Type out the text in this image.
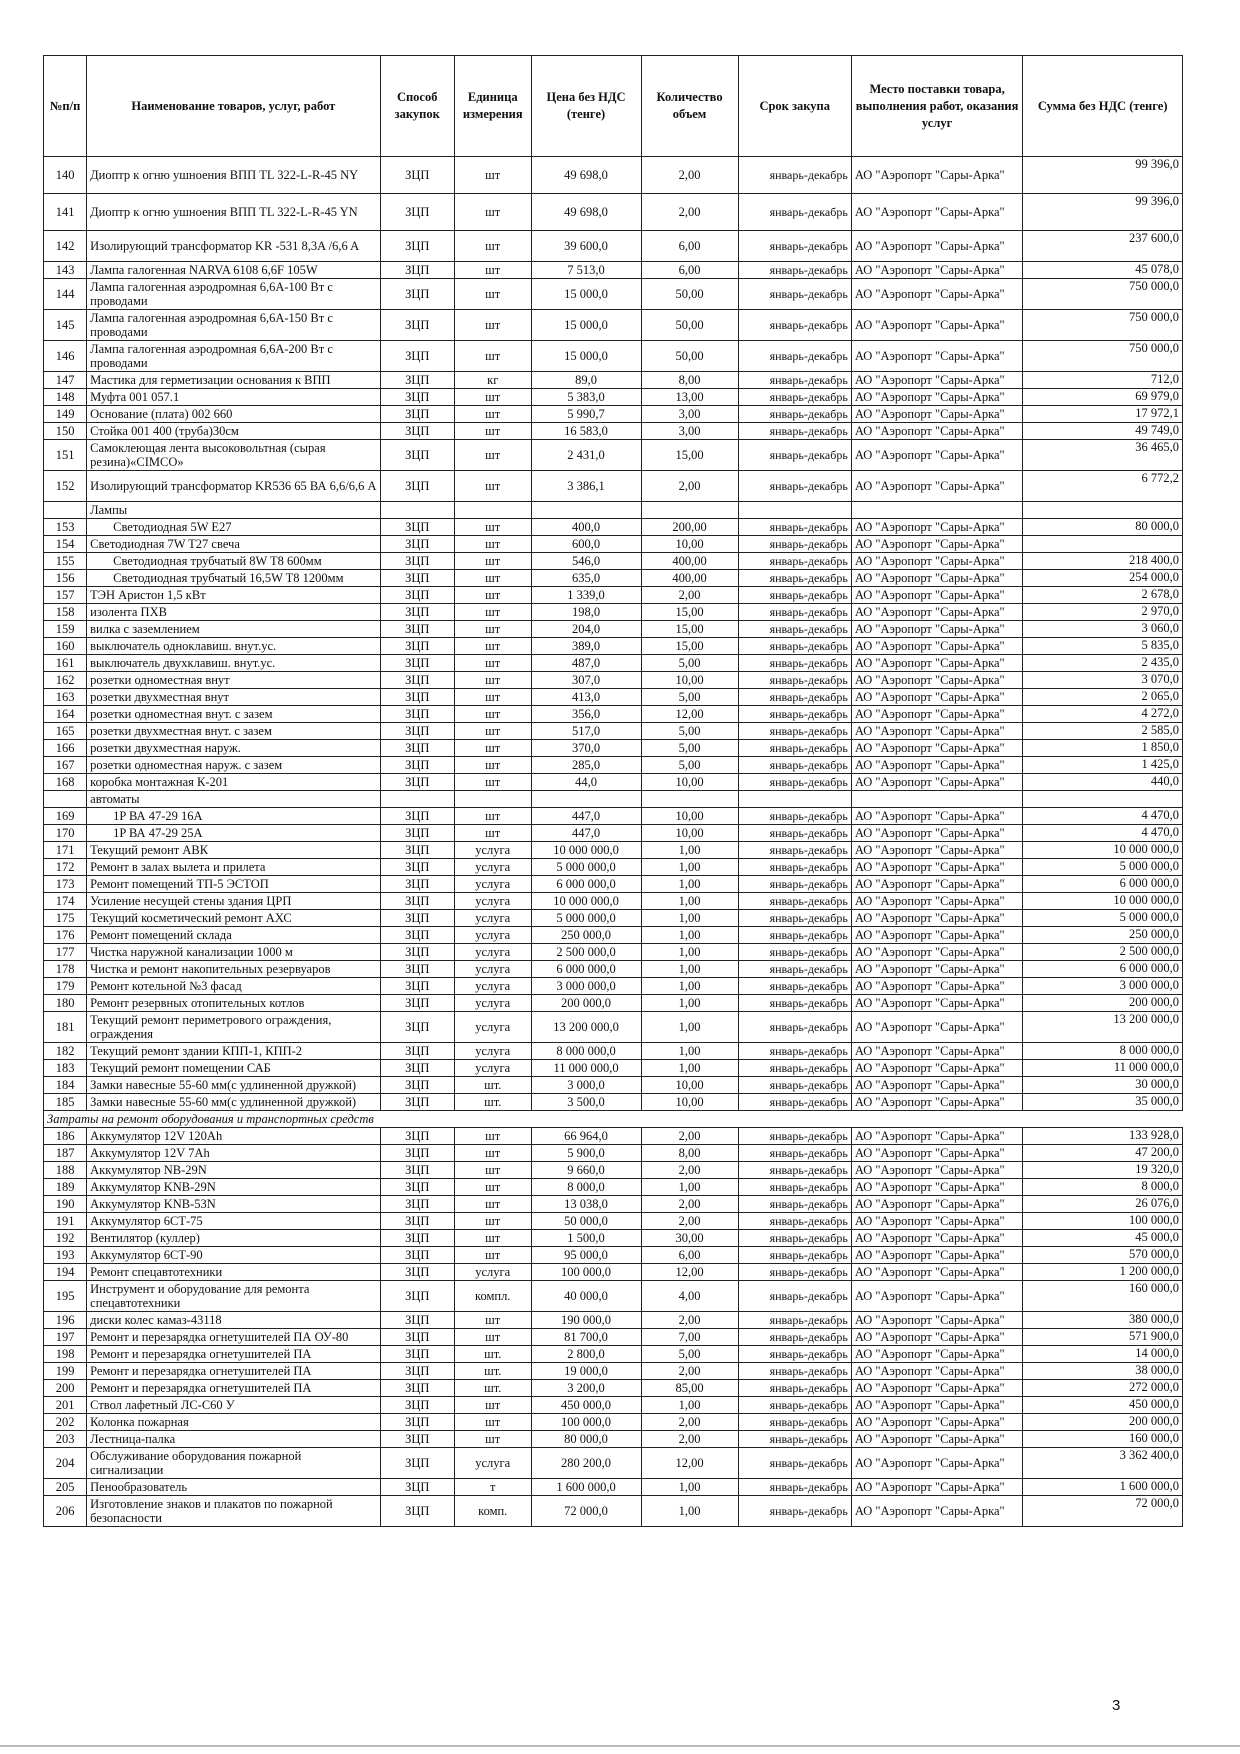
№п/п	Наименование товаров, услуг, работ	Способ закупок	Единица измерения	Цена без НДС (тенге)	Количество объем	Срок закупа	Место поставки товара, выполнения работ, оказания услуг	Сумма без НДС (тенге)
140	Диоптр к огню ушноения ВПП TL 322-L-R-45 NY	ЗЦП	шт	49 698,0	2,00	январь-декабрь	АО "Аэропорт "Сары-Арка"	99 396,0
141	Диоптр к огню ушноения ВПП TL 322-L-R-45 YN	ЗЦП	шт	49 698,0	2,00	январь-декабрь	АО "Аэропорт "Сары-Арка"	99 396,0
142	Изолирующий трансформатор KR -531 8,3A /6,6 A	ЗЦП	шт	39 600,0	6,00	январь-декабрь	АО "Аэропорт "Сары-Арка"	237 600,0
143	Лампа галогенная NARVA 6108 6,6F 105W	ЗЦП	шт	7 513,0	6,00	январь-декабрь	АО "Аэропорт "Сары-Арка"	45 078,0
144	Лампа галогенная аэродромная 6,6А-100 Вт с проводами	ЗЦП	шт	15 000,0	50,00	январь-декабрь	АО "Аэропорт "Сары-Арка"	750 000,0
145	Лампа галогенная аэродромная 6,6А-150 Вт с проводами	ЗЦП	шт	15 000,0	50,00	январь-декабрь	АО "Аэропорт "Сары-Арка"	750 000,0
146	Лампа галогенная аэродромная 6,6А-200 Вт с проводами	ЗЦП	шт	15 000,0	50,00	январь-декабрь	АО "Аэропорт "Сары-Арка"	750 000,0
147	Мастика для герметизации основания к ВПП	ЗЦП	кг	89,0	8,00	январь-декабрь	АО "Аэропорт "Сары-Арка"	712,0
148	Муфта 001 057.1	ЗЦП	шт	5 383,0	13,00	январь-декабрь	АО "Аэропорт "Сары-Арка"	69 979,0
149	Основание (плата) 002 660	ЗЦП	шт	5 990,7	3,00	январь-декабрь	АО "Аэропорт "Сары-Арка"	17 972,1
150	Стойка 001 400 (труба)30см	ЗЦП	шт	16 583,0	3,00	январь-декабрь	АО "Аэропорт "Сары-Арка"	49 749,0
151	Самоклеющая лента высоковольтная (сырая резина)«CIMCO»	ЗЦП	шт	2 431,0	15,00	январь-декабрь	АО "Аэропорт "Сары-Арка"	36 465,0
152	Изолирующий трансформатор KR536 65 ВА 6,6/6,6 А	ЗЦП	шт	3 386,1	2,00	январь-декабрь	АО "Аэропорт "Сары-Арка"	6 772,2
	Лампы							
153	Светодиодная 5W E27	ЗЦП	шт	400,0	200,00	январь-декабрь	АО "Аэропорт "Сары-Арка"	80 000,0
154	Светодиодная 7W T27 свеча	ЗЦП	шт	600,0	10,00	январь-декабрь	АО "Аэропорт "Сары-Арка"	
155	Светодиодная трубчатый 8W T8 600мм	ЗЦП	шт	546,0	400,00	январь-декабрь	АО "Аэропорт "Сары-Арка"	218 400,0
156	Светодиодная трубчатый 16,5W T8 1200мм	ЗЦП	шт	635,0	400,00	январь-декабрь	АО "Аэропорт "Сары-Арка"	254 000,0
157	ТЭН Аристон 1,5 кВт	ЗЦП	шт	1 339,0	2,00	январь-декабрь	АО "Аэропорт "Сары-Арка"	2 678,0
158	изолента ПХВ	ЗЦП	шт	198,0	15,00	январь-декабрь	АО "Аэропорт "Сары-Арка"	2 970,0
159	вилка с заземлением	ЗЦП	шт	204,0	15,00	январь-декабрь	АО "Аэропорт "Сары-Арка"	3 060,0
160	выключатель одноклавиш. внут.ус.	ЗЦП	шт	389,0	15,00	январь-декабрь	АО "Аэропорт "Сары-Арка"	5 835,0
161	выключатель двухклавиш. внут.ус.	ЗЦП	шт	487,0	5,00	январь-декабрь	АО "Аэропорт "Сары-Арка"	2 435,0
162	розетки одноместная внут	ЗЦП	шт	307,0	10,00	январь-декабрь	АО "Аэропорт "Сары-Арка"	3 070,0
163	розетки двухместная внут	ЗЦП	шт	413,0	5,00	январь-декабрь	АО "Аэропорт "Сары-Арка"	2 065,0
164	розетки одноместная внут. с зазем	ЗЦП	шт	356,0	12,00	январь-декабрь	АО "Аэропорт "Сары-Арка"	4 272,0
165	розетки двухместная внут. с зазем	ЗЦП	шт	517,0	5,00	январь-декабрь	АО "Аэропорт "Сары-Арка"	2 585,0
166	розетки двухместная наруж.	ЗЦП	шт	370,0	5,00	январь-декабрь	АО "Аэропорт "Сары-Арка"	1 850,0
167	розетки одноместная наруж. с зазем	ЗЦП	шт	285,0	5,00	январь-декабрь	АО "Аэропорт "Сары-Арка"	1 425,0
168	коробка монтажная К-201	ЗЦП	шт	44,0	10,00	январь-декабрь	АО "Аэропорт "Сары-Арка"	440,0
	автоматы							
169	1P ВА 47-29 16А	ЗЦП	шт	447,0	10,00	январь-декабрь	АО "Аэропорт "Сары-Арка"	4 470,0
170	1P ВА 47-29 25А	ЗЦП	шт	447,0	10,00	январь-декабрь	АО "Аэропорт "Сары-Арка"	4 470,0
171	Текущий ремонт АВК	ЗЦП	услуга	10 000 000,0	1,00	январь-декабрь	АО "Аэропорт "Сары-Арка"	10 000 000,0
172	Ремонт в залах вылета и прилета	ЗЦП	услуга	5 000 000,0	1,00	январь-декабрь	АО "Аэропорт "Сары-Арка"	5 000 000,0
173	Ремонт помещений ТП-5 ЭСТОП	ЗЦП	услуга	6 000 000,0	1,00	январь-декабрь	АО "Аэропорт "Сары-Арка"	6 000 000,0
174	Усиление несущей стены здания ЦРП	ЗЦП	услуга	10 000 000,0	1,00	январь-декабрь	АО "Аэропорт "Сары-Арка"	10 000 000,0
175	Текущий косметический ремонт АХС	ЗЦП	услуга	5 000 000,0	1,00	январь-декабрь	АО "Аэропорт "Сары-Арка"	5 000 000,0
176	Ремонт помещений склада	ЗЦП	услуга	250 000,0	1,00	январь-декабрь	АО "Аэропорт "Сары-Арка"	250 000,0
177	Чистка наружной канализации 1000 м	ЗЦП	услуга	2 500 000,0	1,00	январь-декабрь	АО "Аэропорт "Сары-Арка"	2 500 000,0
178	Чистка и ремонт накопительных резервуаров	ЗЦП	услуга	6 000 000,0	1,00	январь-декабрь	АО "Аэропорт "Сары-Арка"	6 000 000,0
179	Ремонт котельной №3 фасад	ЗЦП	услуга	3 000 000,0	1,00	январь-декабрь	АО "Аэропорт "Сары-Арка"	3 000 000,0
180	Ремонт резервных отопительных котлов	ЗЦП	услуга	200 000,0	1,00	январь-декабрь	АО "Аэропорт "Сары-Арка"	200 000,0
181	Текущий ремонт периметрового ограждения, ограждения	ЗЦП	услуга	13 200 000,0	1,00	январь-декабрь	АО "Аэропорт "Сары-Арка"	13 200 000,0
182	Текущий ремонт здании КПП-1, КПП-2	ЗЦП	услуга	8 000 000,0	1,00	январь-декабрь	АО "Аэропорт "Сары-Арка"	8 000 000,0
183	Текущий ремонт помещении САБ	ЗЦП	услуга	11 000 000,0	1,00	январь-декабрь	АО "Аэропорт "Сары-Арка"	11 000 000,0
184	Замки навесные 55-60 мм(с удлиненной дружкой)	ЗЦП	шт.	3 000,0	10,00	январь-декабрь	АО "Аэропорт "Сары-Арка"	30 000,0
185	Замки навесные 55-60 мм(с удлиненной дружкой)	ЗЦП	шт.	3 500,0	10,00	январь-декабрь	АО "Аэропорт "Сары-Арка"	35 000,0
Затраты на ремонт оборудования и транспортных средств								
186	Аккумулятор 12V 120Ah	ЗЦП	шт	66 964,0	2,00	январь-декабрь	АО "Аэропорт "Сары-Арка"	133 928,0
187	Аккумулятор 12V 7Ah	ЗЦП	шт	5 900,0	8,00	январь-декабрь	АО "Аэропорт "Сары-Арка"	47 200,0
188	Аккумулятор NB-29N	ЗЦП	шт	9 660,0	2,00	январь-декабрь	АО "Аэропорт "Сары-Арка"	19 320,0
189	Аккумулятор KNB-29N	ЗЦП	шт	8 000,0	1,00	январь-декабрь	АО "Аэропорт "Сары-Арка"	8 000,0
190	Аккумулятор KNB-53N	ЗЦП	шт	13 038,0	2,00	январь-декабрь	АО "Аэропорт "Сары-Арка"	26 076,0
191	Аккумулятор 6СТ-75	ЗЦП	шт	50 000,0	2,00	январь-декабрь	АО "Аэропорт "Сары-Арка"	100 000,0
192	Вентилятор (куллер)	ЗЦП	шт	1 500,0	30,00	январь-декабрь	АО "Аэропорт "Сары-Арка"	45 000,0
193	Аккумулятор 6СТ-90	ЗЦП	шт	95 000,0	6,00	январь-декабрь	АО "Аэропорт "Сары-Арка"	570 000,0
194	Ремонт спецавтотехники	ЗЦП	услуга	100 000,0	12,00	январь-декабрь	АО "Аэропорт "Сары-Арка"	1 200 000,0
195	Инструмент и оборудование для ремонта спецавтотехники	ЗЦП	компл.	40 000,0	4,00	январь-декабрь	АО "Аэропорт "Сары-Арка"	160 000,0
196	диски колес камаз-43118	ЗЦП	шт	190 000,0	2,00	январь-декабрь	АО "Аэропорт "Сары-Арка"	380 000,0
197	Ремонт и перезарядка огнетушителей ПА ОУ-80	ЗЦП	шт	81 700,0	7,00	январь-декабрь	АО "Аэропорт "Сары-Арка"	571 900,0
198	Ремонт и перезарядка огнетушителей ПА	ЗЦП	шт.	2 800,0	5,00	январь-декабрь	АО "Аэропорт "Сары-Арка"	14 000,0
199	Ремонт и перезарядка огнетушителей ПА	ЗЦП	шт.	19 000,0	2,00	январь-декабрь	АО "Аэропорт "Сары-Арка"	38 000,0
200	Ремонт и перезарядка огнетушителей ПА	ЗЦП	шт.	3 200,0	85,00	январь-декабрь	АО "Аэропорт "Сары-Арка"	272 000,0
201	Ствол лафетный ЛС-С60 У	ЗЦП	шт	450 000,0	1,00	январь-декабрь	АО "Аэропорт "Сары-Арка"	450 000,0
202	Колонка пожарная	ЗЦП	шт	100 000,0	2,00	январь-декабрь	АО "Аэропорт "Сары-Арка"	200 000,0
203	Лестница-палка	ЗЦП	шт	80 000,0	2,00	январь-декабрь	АО "Аэропорт "Сары-Арка"	160 000,0
204	Обслуживание оборудования пожарной сигнализации	ЗЦП	услуга	280 200,0	12,00	январь-декабрь	АО "Аэропорт "Сары-Арка"	3 362 400,0
205	Пенообразователь	ЗЦП	т	1 600 000,0	1,00	январь-декабрь	АО "Аэропорт "Сары-Арка"	1 600 000,0
206	Изготовление знаков и плакатов по пожарной безопасности	ЗЦП	комп.	72 000,0	1,00	январь-декабрь	АО "Аэропорт "Сары-Арка"	72 000,0
3
